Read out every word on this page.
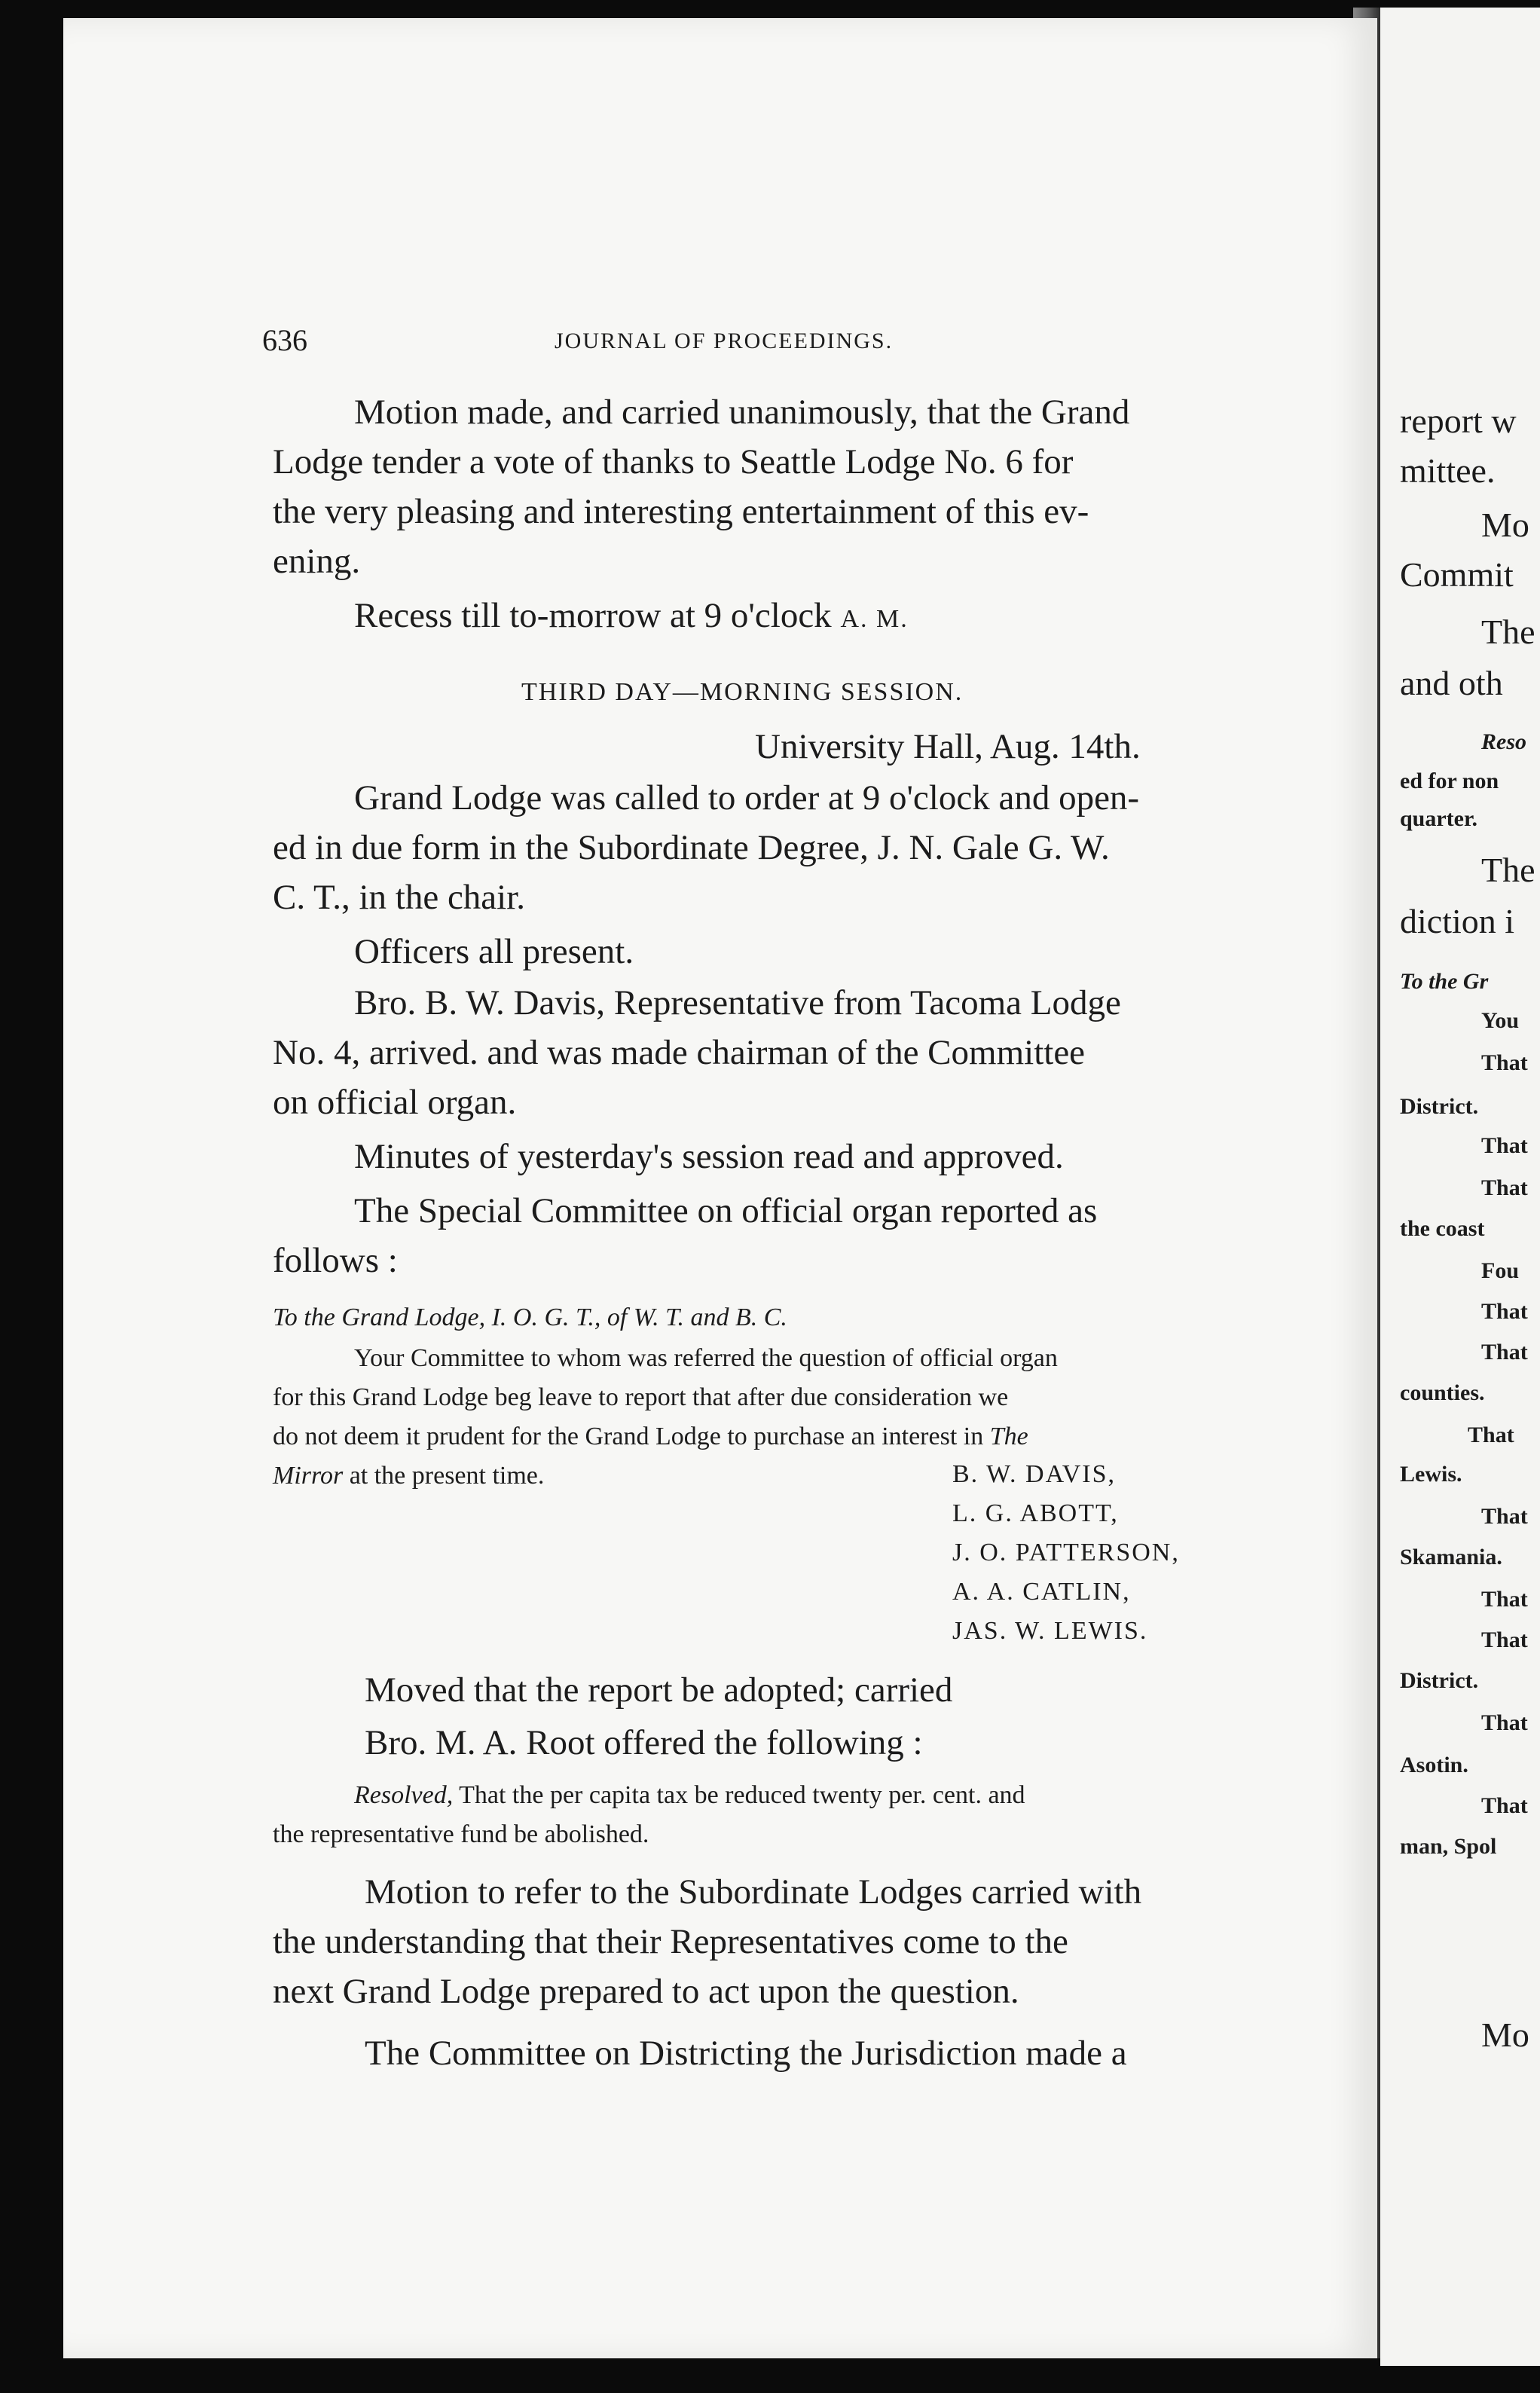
636	JOURNAL OF PROCEEDINGS.
Motion made, and carried unanimously, that the Grand
Lodge tender a vote of thanks to Seattle Lodge No. 6 for
the very pleasing and interesting entertainment of this ev-
ening.
Recess till to-morrow at 9 o'clock A. M.
THIRD DAY—MORNING SESSION.
University Hall, Aug. 14th.
Grand Lodge was called to order at 9 o'clock and open-
ed in due form in the Subordinate Degree, J. N. Gale G. W.
C. T., in the chair.
Officers all present.
Bro. B. W. Davis, Representative from Tacoma Lodge
No. 4, arrived. and was made chairman of the Committee
on official organ.
Minutes of yesterday's session read and approved.
The Special Committee on official organ reported as
follows :
To the Grand Lodge, I. O. G. T., of W. T. and B. C.
Your Committee to whom was referred the question of official organ
for this Grand Lodge beg leave to report that after due consideration we
do not deem it prudent for the Grand Lodge to purchase an interest in The
Mirror at the present time.	B. W. DAVIS,
L. G. ABOTT,
J. O. PATTERSON,
A. A. CATLIN,
JAS. W. LEWIS.
Moved that the report be adopted; carried
Bro. M. A. Root offered the following :
Resolved, That the per capita tax be reduced twenty per. cent. and
the representative fund be abolished.
Motion to refer to the Subordinate Lodges carried with
the understanding that their Representatives come to the
next Grand Lodge prepared to act upon the question.
The Committee on Districting the Jurisdiction made a
report w
mittee.
Mo
Commit
The
and oth
Reso
ed for non
quarter.
The
diction i
To the Gr
You
That
District.
That
That
the coast
Fou
That
That
counties.
That
Lewis.
That
Skamania.
That
That
District.
That
Asotin.
That
man, Spol
Mo
